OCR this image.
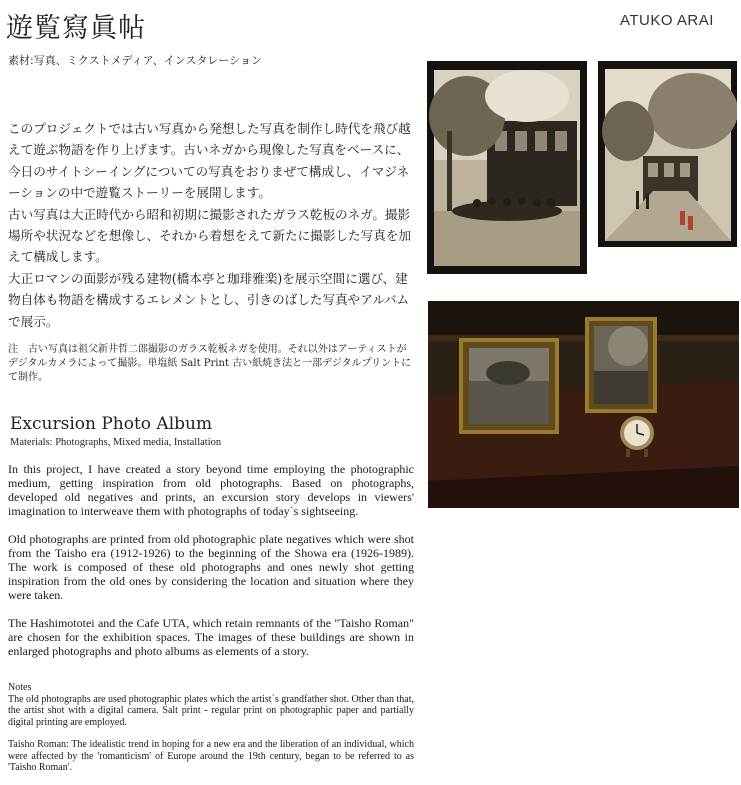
遊覧寫眞帖	ATUKO ARAI
素材:写真、ミクストメディア、インスタレーション

このプロジェクトでは古い写真から発想した写真を制作し時代を飛び越えて遊ぶ物語を作り上げます。古いネガから現像した写真をベースに、今日のサイトシーイングについての写真をおりまぜて構成し、イマジネーションの中で遊覧ストーリーを展開します。

古い写真は大正時代から昭和初期に撮影されたガラス乾板のネガ。撮影場所や状況などを想像し、それから着想をえて新たに撮影した写真を加えて構成します。

大正ロマンの面影が残る建物(橋本亭と珈琲雅楽)を展示空間に選び、建物自体も物語を構成するエレメントとし、引きのばした写真やアルバムで展示。

注　古い写真は祖父新井哲二郎撮影のガラス乾板ネガを使用。それ以外はアーティストがデジタルカメラによって撮影。単塩紙 Salt Print 古い紙焼き法と一部デジタルプリントにて制作。
Excursion Photo Album
Materials: Photographs, Mixed media, Installation

In this project, I have created a story beyond time employing the photographic medium, getting inspiration from old photographs. Based on photographs, developed old negatives and prints, an excursion story develops in viewers' imagination to interweave them with photographs of today`s sightseeing.

Old photographs are printed from old photographic plate negatives which were shot from the Taisho era (1912-1926) to the beginning of the Showa era (1926-1989). The work is composed of these old photographs and ones newly shot getting inspiration from the old ones by considering the location and situation where they were taken.

The Hashimototei and the Cafe UTA, which retain remnants of the "Taisho Roman" are chosen for the exhibition spaces. The images of these buildings are shown in enlarged photographs and photo albums as elements of a story.

Notes

The old photographs are used photographic plates which the artist`s grandfather shot. Other than that, the artist shot with a digital camera. Salt print - regular print on photographic paper and partially digital printing are employed.

Taisho Roman: The idealistic trend in hoping for a new era and the liberation of an individual, which were affected by the 'romanticism' of Europe around the 19th century, began to be referred to as 'Taisho Roman'.
